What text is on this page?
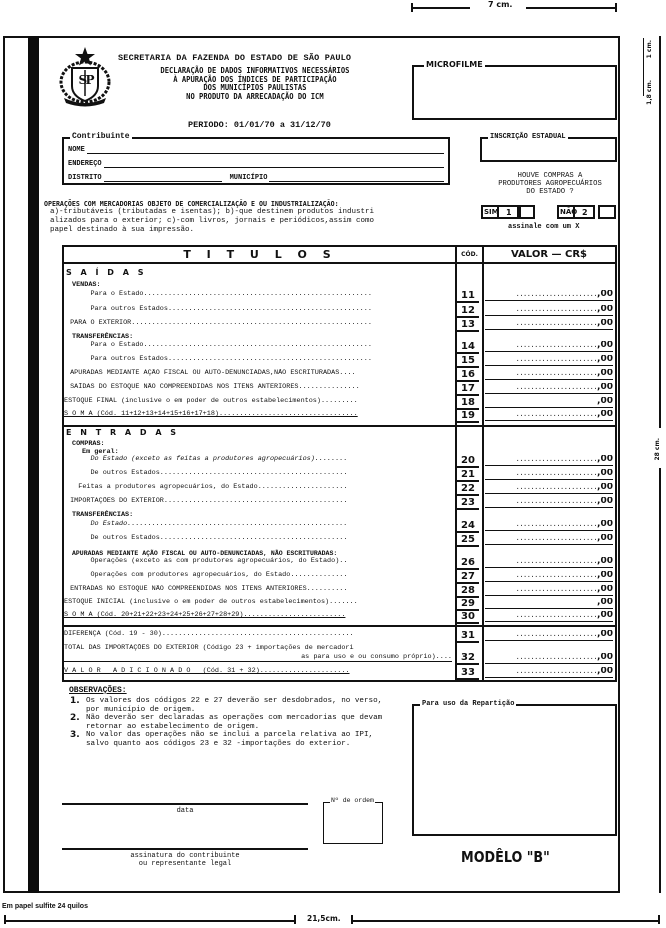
7 cm.
1 cm.
1,8 cm.
28 cm.
S
P
SECRETARIA DA FAZENDA DO ESTADO DE SÃO PAULO
DECLARAÇÃO DE DADOS INFORMATIVOS NECESSÁRIOS
À APURAÇÃO DOS ÍNDICES DE PARTICIPAÇÃO
DOS MUNICÍPIOS PAULISTAS
NO PRODUTO DA ARRECADAÇÃO DO ICM
PERIODO: 01/01/70 a 31/12/70
MICROFILME
Contribuinte
NOME
ENDEREÇO
DISTRITO	MUNICÍPIO
INSCRIÇÃO ESTADUAL
OPERAÇÕES COM MERCADORIAS OBJETO DE COMERCIALIZAÇÃO E OU INDUSTRIALIZAÇÃO:
a)-tributáveis (tributadas e isentas); b)-que destinem produtos industri
alizados para o exterior; c)-com livros, jornais e periódicos,assim como
papel destinado à sua impressão.
HOUVE COMPRAS A
PRODUTORES AGROPECUÁRIOS
DO ESTADO ?
SIM 1	NÃO 2
assinale com um X
T I T U L O S	CÓD.	VALOR — CR$
S A Í D A S
VENDAS:
Para o Estado........................................................	11	......................,00
Para outros Estados..................................................	12	......................,00
PARA O EXTERIOR...........................................................	13	......................,00
TRANSFERÊNCIAS:
Para o Estado........................................................	14	......................,00
Para outros Estados..................................................	15	......................,00
APURADAS MEDIANTE AÇÃO FISCAL OU AUTO-DENUNCIADAS,NÃO ESCRITURADAS....	16	......................,00
SAÍDAS DO ESTOQUE NÃO COMPREENDIDAS NOS ÍTENS ANTERIORES...............	17	......................,00
ESTOQUE FINAL (inclusive o em poder de outros estabelecimentos).........	18	,00
S O M A (Cód. 11+12+13+14+15+16+17+18)..................................	19	......................,00
E N T R A D A S
COMPRAS:
Em geral:
Do Estado (exceto as feitas a produtores agropecuários)........	20	......................,00
De outros Estados..............................................	21	......................,00
Feitas a produtores agropecuários, do Estado......................	22	......................,00
IMPORTAÇÕES DO EXTERIOR.............................................	23	......................,00
TRANSFERÊNCIAS:
Do Estado......................................................	24	......................,00
De outros Estados..............................................	25	......................,00
APURADAS MEDIANTE AÇÃO FISCAL OU AUTO-DENUNCIADAS, NÃO ESCRITURADAS:
Operações (exceto as com produtores agropecuários, do Estado)..	26	......................,00
Operações com produtores agropecuários, do Estado..............	27	......................,00
ENTRADAS NO ESTOQUE NÃO COMPREENDIDAS NOS ÍTENS ANTERIORES..........	28	......................,00
ESTOQUE INICIAL (inclusive o em poder de outros estabelecimentos).......	29	,00
S O M A (Cód. 20+21+22+23+24+25+26+27+28+29).........................	30	......................,00
DIFERENÇA (Cód. 19 - 30)...............................................	31	......................,00
TOTAL DAS IMPORTAÇÕES DO EXTERIOR (Código 23 + importações de mercadori
as para uso e ou consumo próprio).... 32	......................,00
V A L O R   A D I C I O N A D O   (Cód. 31 + 32)......................	33	......................,00
OBSERVAÇÕES:
1. Os valores dos códigos 22 e 27 deverão ser desdobrados, no verso, por município de origem.
2. Não deverão ser declaradas as operações com mercadorias que devam retornar ao estabelecimento de origem.
3. No valor das operações não se inclui a parcela relativa ao IPI, salvo quanto aos códigos 23 e 32 -importações do exterior.
Para uso da Repartição
data
Nº de ordem
assinatura do contribuinte
ou representante legal	MODÊLO "B"
Em papel sulfite 24 quilos
21,5cm.
